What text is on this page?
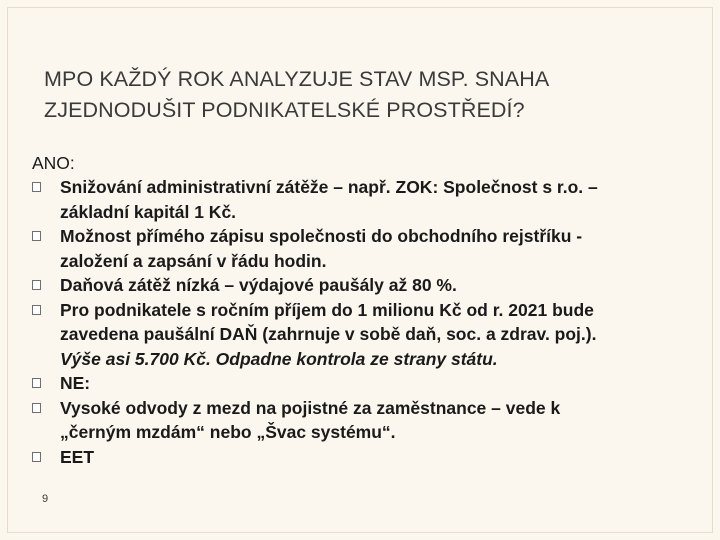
MPO KAŽDÝ ROK ANALYZUJE STAV MSP. SNAHA
ZJEDNODUŠIT PODNIKATELSKÉ PROSTŘEDÍ?
ANO:
Snižování administrativní zátěže – např. ZOK: Společnost s r.o. –
základní kapitál 1 Kč.
Možnost přímého zápisu společnosti do obchodního rejstříku -
založení a zapsání v řádu hodin.
Daňová zátěž nízká – výdajové paušály až 80 %.
Pro podnikatele s ročním příjem do 1 milionu Kč od r. 2021 bude
zavedena paušální DAŇ (zahrnuje v sobě daň, soc. a zdrav. poj.).
Výše asi 5.700 Kč. Odpadne kontrola ze strany státu.
NE:
Vysoké odvody z mezd na pojistné za zaměstnance – vede k
„černým mzdám“ nebo „Švac systému“.
EET
9
